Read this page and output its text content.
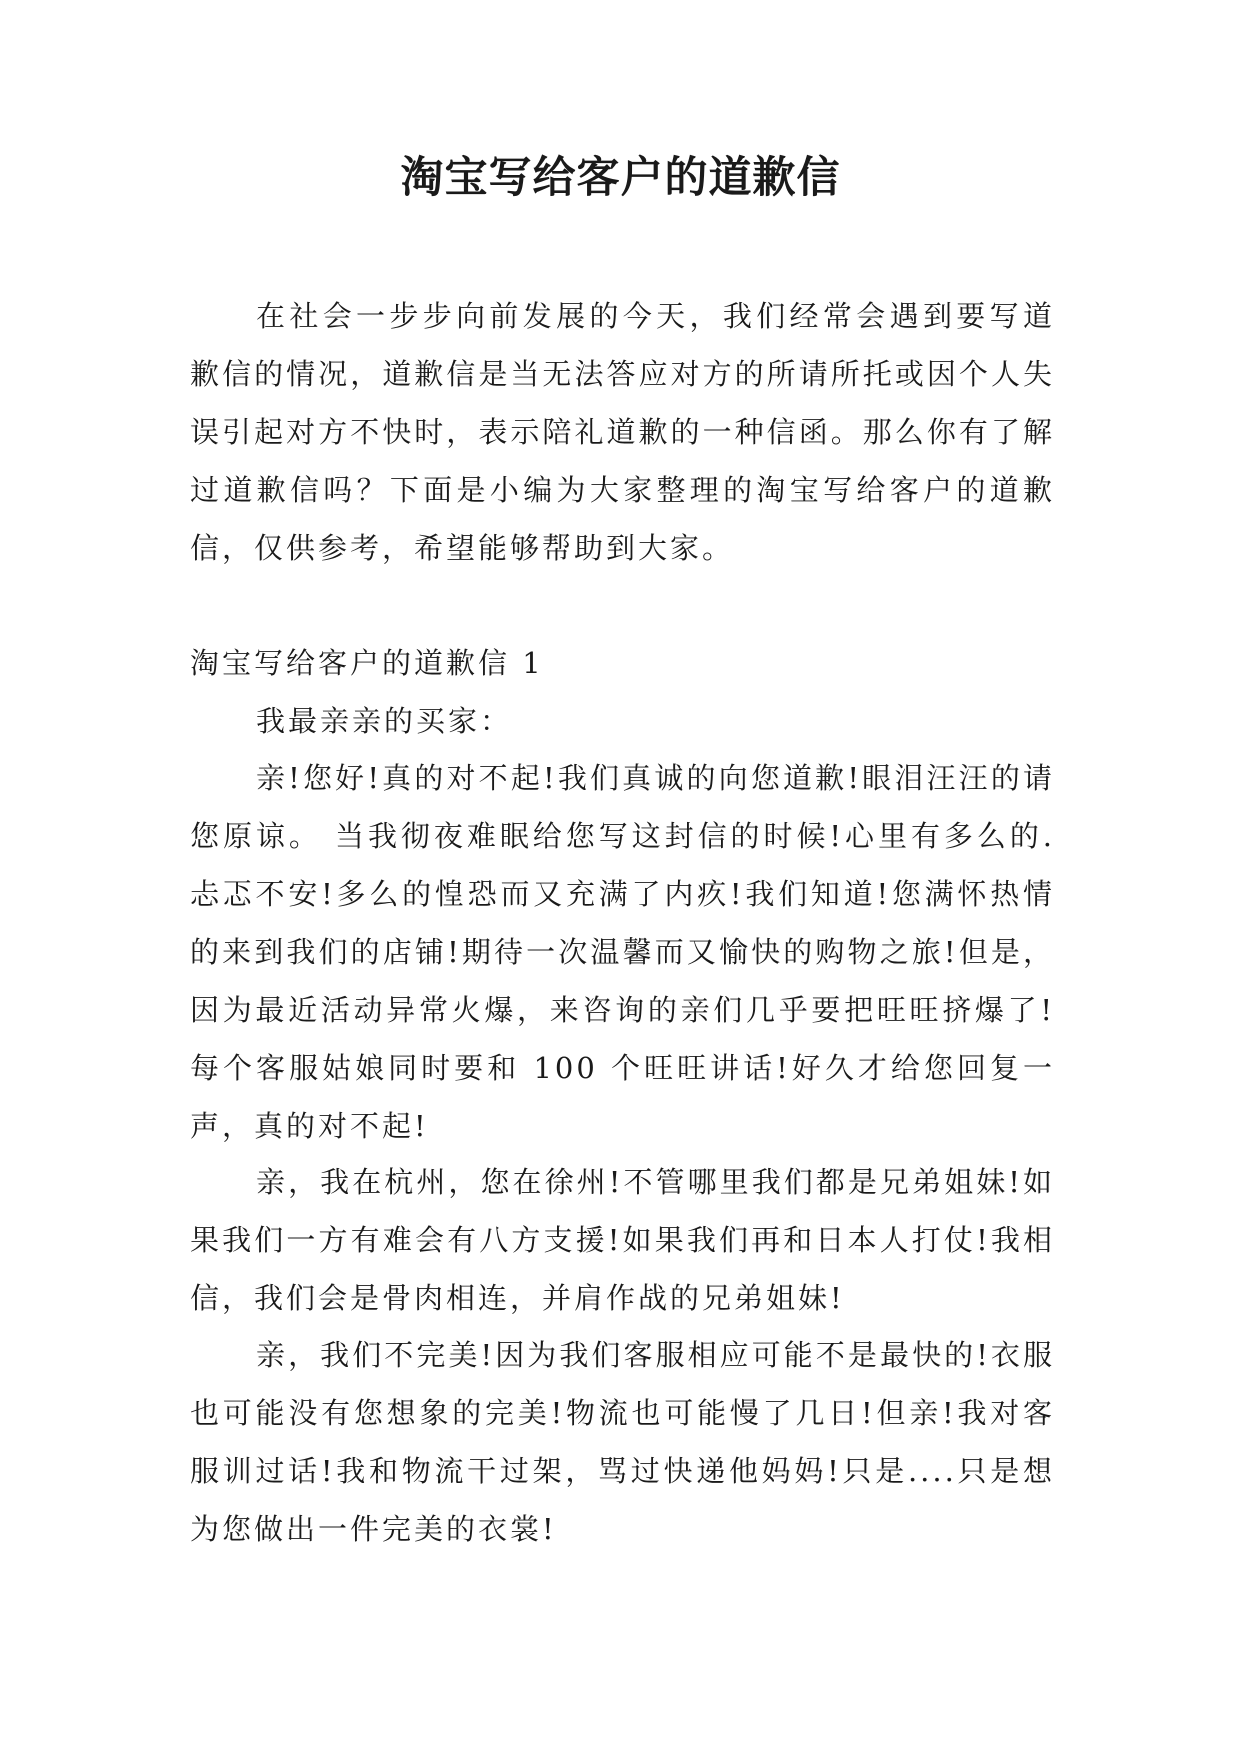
淘宝写给客户的道歉信

在社会一步步向前发展的今天，我们经常会遇到要写道歉信的情况，道歉信是当无法答应对方的所请所托或因个人失误引起对方不快时，表示陪礼道歉的一种信函。那么你有了解过道歉信吗？下面是小编为大家整理的淘宝写给客户的道歉信，仅供参考，希望能够帮助到大家。

淘宝写给客户的道歉信 1

我最亲亲的买家：

亲!您好!真的对不起!我们真诚的向您道歉!眼泪汪汪的请您原谅。 当我彻夜难眠给您写这封信的时候!心里有多么的.忐忑不安!多么的惶恐而又充满了内疚!我们知道!您满怀热情的来到我们的店铺!期待一次温馨而又愉快的购物之旅!但是，因为最近活动异常火爆，来咨询的亲们几乎要把旺旺挤爆了!每个客服姑娘同时要和 100 个旺旺讲话!好久才给您回复一声，真的对不起!

亲，我在杭州，您在徐州!不管哪里我们都是兄弟姐妹!如果我们一方有难会有八方支援!如果我们再和日本人打仗!我相信，我们会是骨肉相连，并肩作战的兄弟姐妹!

亲，我们不完美!因为我们客服相应可能不是最快的!衣服也可能没有您想象的完美!物流也可能慢了几日!但亲!我对客服训过话!我和物流干过架，骂过快递他妈妈!只是....只是想为您做出一件完美的衣裳!
